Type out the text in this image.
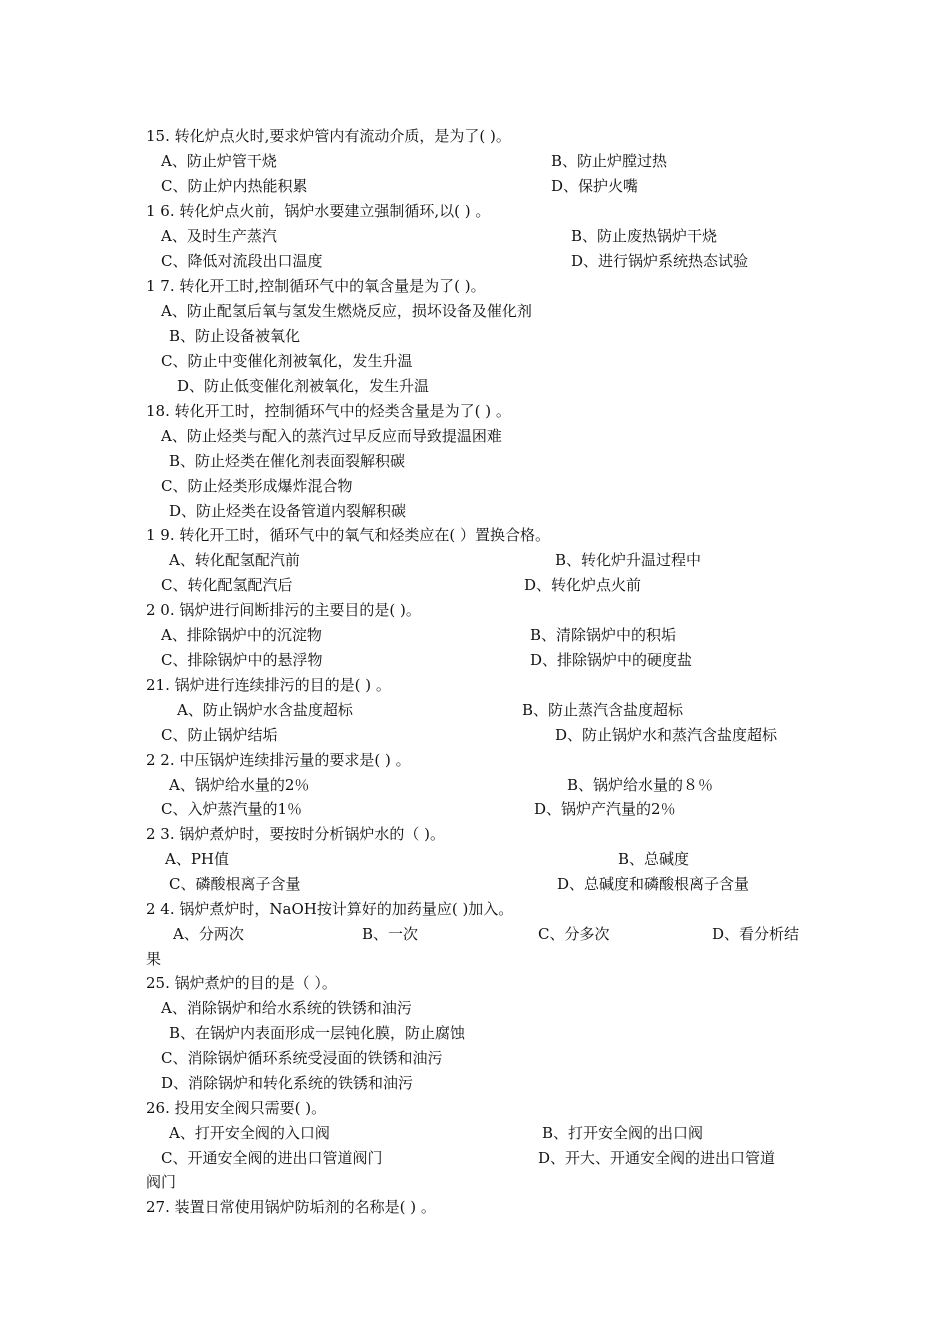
15. 转化炉点火时,要求炉管内有流动介质，是为了( )。
A、防止炉管干烧	B、防止炉膛过热
C、防止炉内热能积累	D、保护火嘴
1 6. 转化炉点火前，锅炉水要建立强制循环,以( ) 。
A、及时生产蒸汽	B、防止废热锅炉干烧
C、降低对流段出口温度	D、进行锅炉系统热态试验
1 7. 转化开工时,控制循环气中的氧含量是为了( )。
A、防止配氢后氧与氢发生燃烧反应，损坏设备及催化剂
B、防止设备被氧化
C、防止中变催化剂被氧化，发生升温
D、防止低变催化剂被氧化，发生升温
18. 转化开工时，控制循环气中的烃类含量是为了( ) 。
A、防止烃类与配入的蒸汽过早反应而导致提温困难
B、防止烃类在催化剂表面裂解积碳
C、防止烃类形成爆炸混合物
D、防止烃类在设备管道内裂解积碳
1 9. 转化开工时，循环气中的氧气和烃类应在( ）置换合格。
A、转化配氢配汽前	B、转化炉升温过程中
C、转化配氢配汽后	D、转化炉点火前
2 0. 锅炉进行间断排污的主要目的是( )。
A、排除锅炉中的沉淀物	B、清除锅炉中的积垢
C、排除锅炉中的悬浮物	D、排除锅炉中的硬度盐
21. 锅炉进行连续排污的目的是( ) 。
A、防止锅炉水含盐度超标	B、防止蒸汽含盐度超标
C、防止锅炉结垢	D、防止锅炉水和蒸汽含盐度超标
2 2. 中压锅炉连续排污量的要求是( ) 。
A、锅炉给水量的2％	B、锅炉给水量的８％
C、入炉蒸汽量的1％	D、锅炉产汽量的2％
2 3. 锅炉煮炉时，要按时分析锅炉水的（ )。
A、PH值	B、总碱度
C、磷酸根离子含量	D、总碱度和磷酸根离子含量
2 4. 锅炉煮炉时，NaOH按计算好的加药量应( )加入。
A、分两次	B、一次	C、分多次	D、看分析结
果
25. 锅炉煮炉的目的是（ ）。
A、消除锅炉和给水系统的铁锈和油污
B、在锅炉内表面形成一层钝化膜，防止腐蚀
C、消除锅炉循环系统受浸面的铁锈和油污
D、消除锅炉和转化系统的铁锈和油污
26. 投用安全阀只需要( )。
A、打开安全阀的入口阀	B、打开安全阀的出口阀
C、开通安全阀的进出口管道阀门	D、开大、开通安全阀的进出口管道
阀门
27. 装置日常使用锅炉防垢剂的名称是( ) 。
